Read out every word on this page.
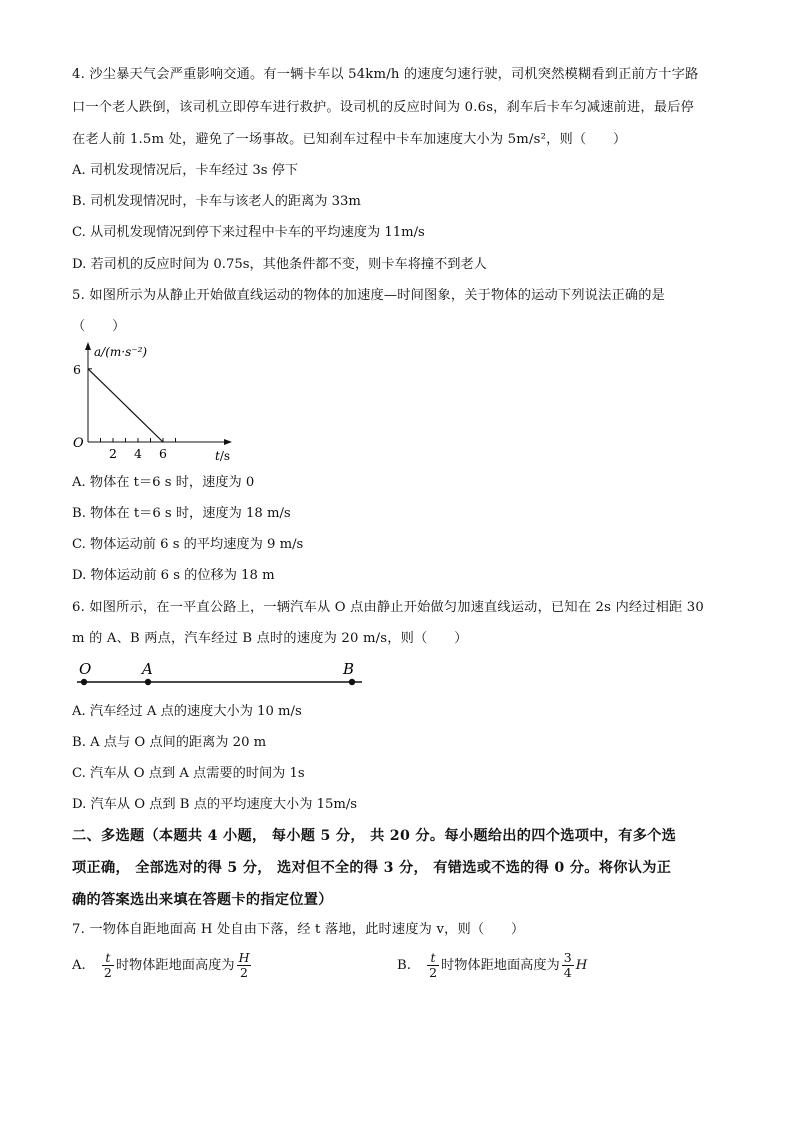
4. 沙尘暴天气会严重影响交通。有一辆卡车以 54km/h 的速度匀速行驶，司机突然模糊看到正前方十字路
口一个老人跌倒，该司机立即停车进行救护。设司机的反应时间为 0.6s，刹车后卡车匀减速前进，最后停
在老人前 1.5m 处，避免了一场事故。已知刹车过程中卡车加速度大小为 5m/s²，则（　　）
A. 司机发现情况后，卡车经过 3s 停下
B. 司机发现情况时，卡车与该老人的距离为 33m
C. 从司机发现情况到停下来过程中卡车的平均速度为 11m/s
D. 若司机的反应时间为 0.75s，其他条件都不变，则卡车将撞不到老人
5. 如图所示为从静止开始做直线运动的物体的加速度—时间图象，关于物体的运动下列说法正确的是
（　　）
2 4 6
a/(m·s⁻²)
O
6
t/s
A. 物体在 t＝6 s 时，速度为 0
B. 物体在 t＝6 s 时，速度为 18 m/s
C. 物体运动前 6 s 的平均速度为 9 m/s
D. 物体运动前 6 s 的位移为 18 m
6. 如图所示，在一平直公路上，一辆汽车从 O 点由静止开始做匀加速直线运动，已知在 2s 内经过相距 30
m 的 A、B 两点，汽车经过 B 点时的速度为 20 m/s，则（　　）
O	A	B
A. 汽车经过 A 点的速度大小为 10 m/s
B. A 点与 O 点间的距离为 20 m
C. 汽车从 O 点到 A 点需要的时间为 1s
D. 汽车从 O 点到 B 点的平均速度大小为 15m/s
二、多选题（本题共 4 小题， 每小题 5 分， 共 20 分。每小题给出的四个选项中，有多个选
项正确， 全部选对的得 5 分， 选对但不全的得 3 分， 有错选或不选的得 0 分。将你认为正
确的答案选出来填在答题卡的指定位置）
7. 一物体自距地面高 H 处自由下落，经 t 落地，此时速度为 v，则（　　）
A. $\frac{t}{2}$ 时物体距地面高度为 $\frac{H}{2}$	B. $\frac{t}{2}$ 时物体距地面高度为 $\frac{3}{4}$ H
